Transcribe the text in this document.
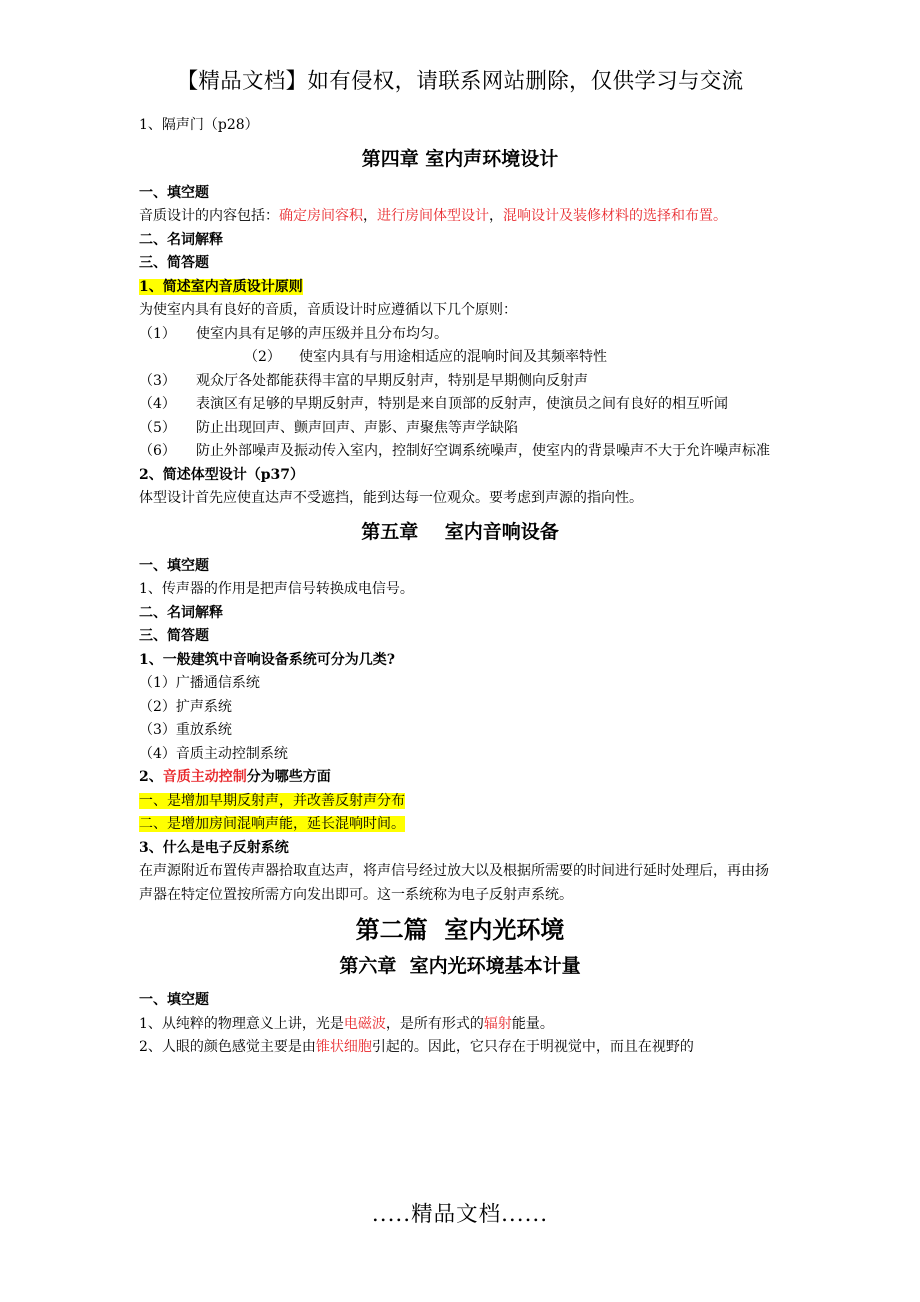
【精品文档】如有侵权，请联系网站删除，仅供学习与交流
1、隔声门（p28）
第四章 室内声环境设计
一、填空题
音质设计的内容包括：确定房间容积，进行房间体型设计，混响设计及装修材料的选择和布置。
二、名词解释
三、简答题
1、简述室内音质设计原则
为使室内具有良好的音质，音质设计时应遵循以下几个原则：
（1）	使室内具有足够的声压级并且分布均匀。
（2） 使室内具有与用途相适应的混响时间及其频率特性
（3）	观众厅各处都能获得丰富的早期反射声，特别是早期侧向反射声
（4）	表演区有足够的早期反射声，特别是来自顶部的反射声，使演员之间有良好的相互听闻
（5）	防止出现回声、颤声回声、声影、声聚焦等声学缺陷
（6）	防止外部噪声及振动传入室内，控制好空调系统噪声，使室内的背景噪声不大于允许噪声标准
2、简述体型设计（p37）
体型设计首先应使直达声不受遮挡，能到达每一位观众。要考虑到声源的指向性。
第五章    室内音响设备
一、填空题
1、传声器的作用是把声信号转换成电信号。
二、名词解释
三、简答题
1、一般建筑中音响设备系统可分为几类?
（1）广播通信系统
（2）扩声系统
（3）重放系统
（4）音质主动控制系统
2、音质主动控制分为哪些方面
一、是增加早期反射声，并改善反射声分布
二、是增加房间混响声能，延长混响时间。
3、什么是电子反射系统
在声源附近布置传声器拾取直达声，将声信号经过放大以及根据所需要的时间进行延时处理后，再由扬声器在特定位置按所需方向发出即可。这一系统称为电子反射声系统。
第二篇  室内光环境
第六章  室内光环境基本计量
一、填空题
1、从纯粹的物理意义上讲，光是电磁波，是所有形式的辐射能量。
2、人眼的颜色感觉主要是由锥状细胞引起的。因此，它只存在于明视觉中，而且在视野的
.....精品文档......
